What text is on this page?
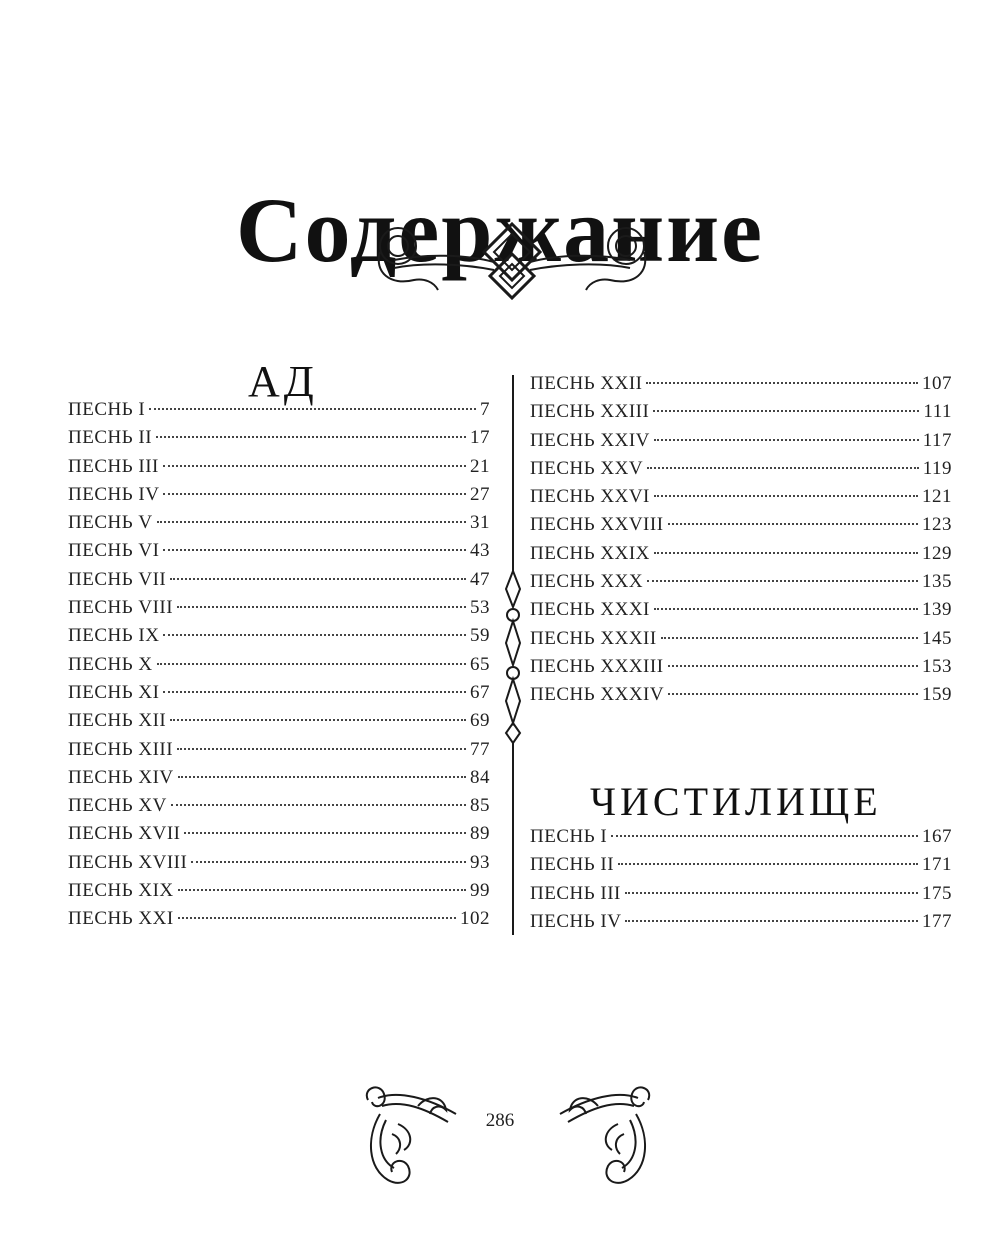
Содержание
АД
ПЕСНЬ I	7
ПЕСНЬ II	17
ПЕСНЬ III	21
ПЕСНЬ IV	27
ПЕСНЬ V	31
ПЕСНЬ VI	43
ПЕСНЬ VII	47
ПЕСНЬ VIII	53
ПЕСНЬ IX	59
ПЕСНЬ X	65
ПЕСНЬ XI	67
ПЕСНЬ XII	69
ПЕСНЬ XIII	77
ПЕСНЬ XIV	84
ПЕСНЬ XV	85
ПЕСНЬ XVII	89
ПЕСНЬ XVIII	93
ПЕСНЬ XIX	99
ПЕСНЬ XXI	102
ПЕСНЬ XXII	107
ПЕСНЬ XXIII	111
ПЕСНЬ XXIV	117
ПЕСНЬ XXV	119
ПЕСНЬ XXVI	121
ПЕСНЬ XXVIII	123
ПЕСНЬ XXIX	129
ПЕСНЬ XXX	135
ПЕСНЬ XXXI	139
ПЕСНЬ XXXII	145
ПЕСНЬ XXXIII	153
ПЕСНЬ XXXIV	159
ЧИСТИЛИЩЕ
ПЕСНЬ I	167
ПЕСНЬ II	171
ПЕСНЬ III	175
ПЕСНЬ IV	177
286
